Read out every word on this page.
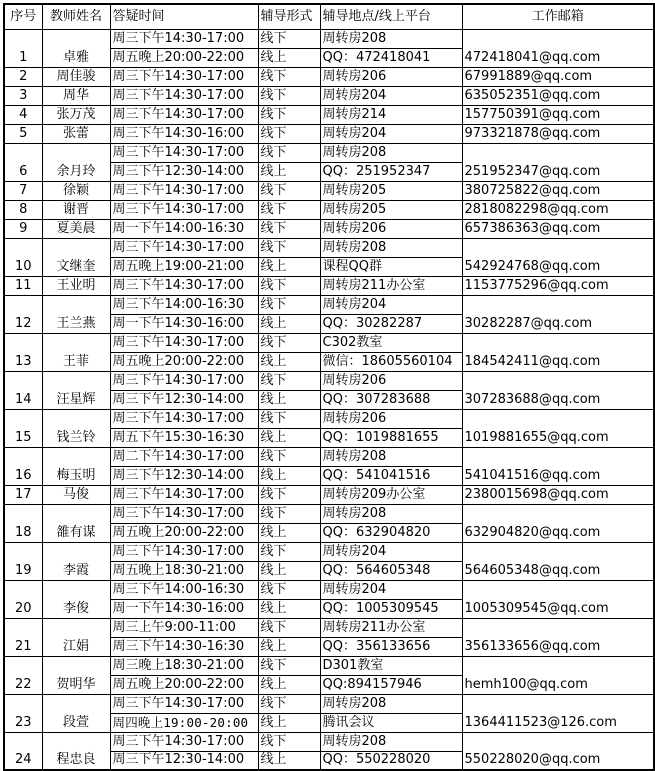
序号	教师姓名	答疑时间	辅导形式	辅导地点/线上平台	工作邮箱
1	卓雅	周三下午14:30-17:00	线下	周转房208	472418041@qq.com
		周五晚上20:00-22:00	线上	QQ：472418041	
2	周佳骏	周三下午14:30-17:00	线下	周转房206	67991889@qq.com
3	周华	周三下午14:30-17:00	线下	周转房204	635052351@qq.com
4	张万茂	周三下午14:30-17:00	线下	周转房214	157750391@qq.com
5	张蕾	周三下午14:30-16:00	线下	周转房204	973321878@qq.com
6	余月玲	周三下午14:30-17:00	线下	周转房208	251952347@qq.com
		周三下午12:30-14:00	线上	QQ：251952347	
7	徐颖	周三下午14:30-17:00	线下	周转房205	380725822@qq.com
8	谢晋	周三下午14:30-17:00	线下	周转房205	2818082298@qq.com
9	夏美晨	周一下午14:00-16:30	线下	周转房206	657386363@qq.com
10	文继奎	周三下午14:30-17:00	线下	周转房208	542924768@qq.com
		周五晚上19:00-21:00	线上	课程QQ群	
11	王业明	周三下午14:30-17:00	线下	周转房211办公室	1153775296@qq.com
12	王兰燕	周三下午14:00-16:30	线下	周转房204	30282287@qq.com
		周一下午14:30-16:00	线上	QQ：30282287	
13	王菲	周三下午14:30-17:00	线下	C302教室	184542411@qq.com
		周五晚上20:00-22:00	线上	微信：18605560104	
14	汪星辉	周三下午14:30-17:00	线下	周转房206	307283688@qq.com
		周三下午12:30-14:00	线上	QQ：307283688	
15	钱兰铃	周三下午14:30-17:00	线下	周转房206	1019881655@qq.com
		周五下午15:30-16:30	线上	QQ：1019881655	
16	梅玉明	周二下午14:30-17:00	线下	周转房208	541041516@qq.com
		周三下午12:30-14:00	线上	QQ：541041516	
17	马俊	周三下午14:30-17:00	线下	周转房209办公室	2380015698@qq.com
18	雒有谋	周三下午14:30-17:00	线下	周转房208	632904820@qq.com
		周五晚上20:00-22:00	线上	QQ：632904820	
19	李霞	周三下午14:30-17:00	线下	周转房204	564605348@qq.com
		周五晚上18:30-21:00	线上	QQ：564605348	
20	李俊	周三下午14:00-16:30	线下	周转房204	1005309545@qq.com
		周一下午14:30-16:00	线上	QQ：1005309545	
21	江娟	周三上午9:00-11:00	线下	周转房211办公室	356133656@qq.com
		周三下午14:30-16:30	线上	QQ：356133656	
22	贺明华	周三晚上18:30-21:00	线下	D301教室	hemh100@qq.com
		周五晚上20:00-22:00	线上	QQ:894157946	
23	段萱	周三下午14:30-17:00	线下	周转房208	1364411523@126.com
		周四晚上19:00-20:00	线上	腾讯会议	
24	程忠良	周三下午14:30-17:00	线下	周转房208	550228020@qq.com
		周三下午12:30-14:00	线上	QQ：550228020	
